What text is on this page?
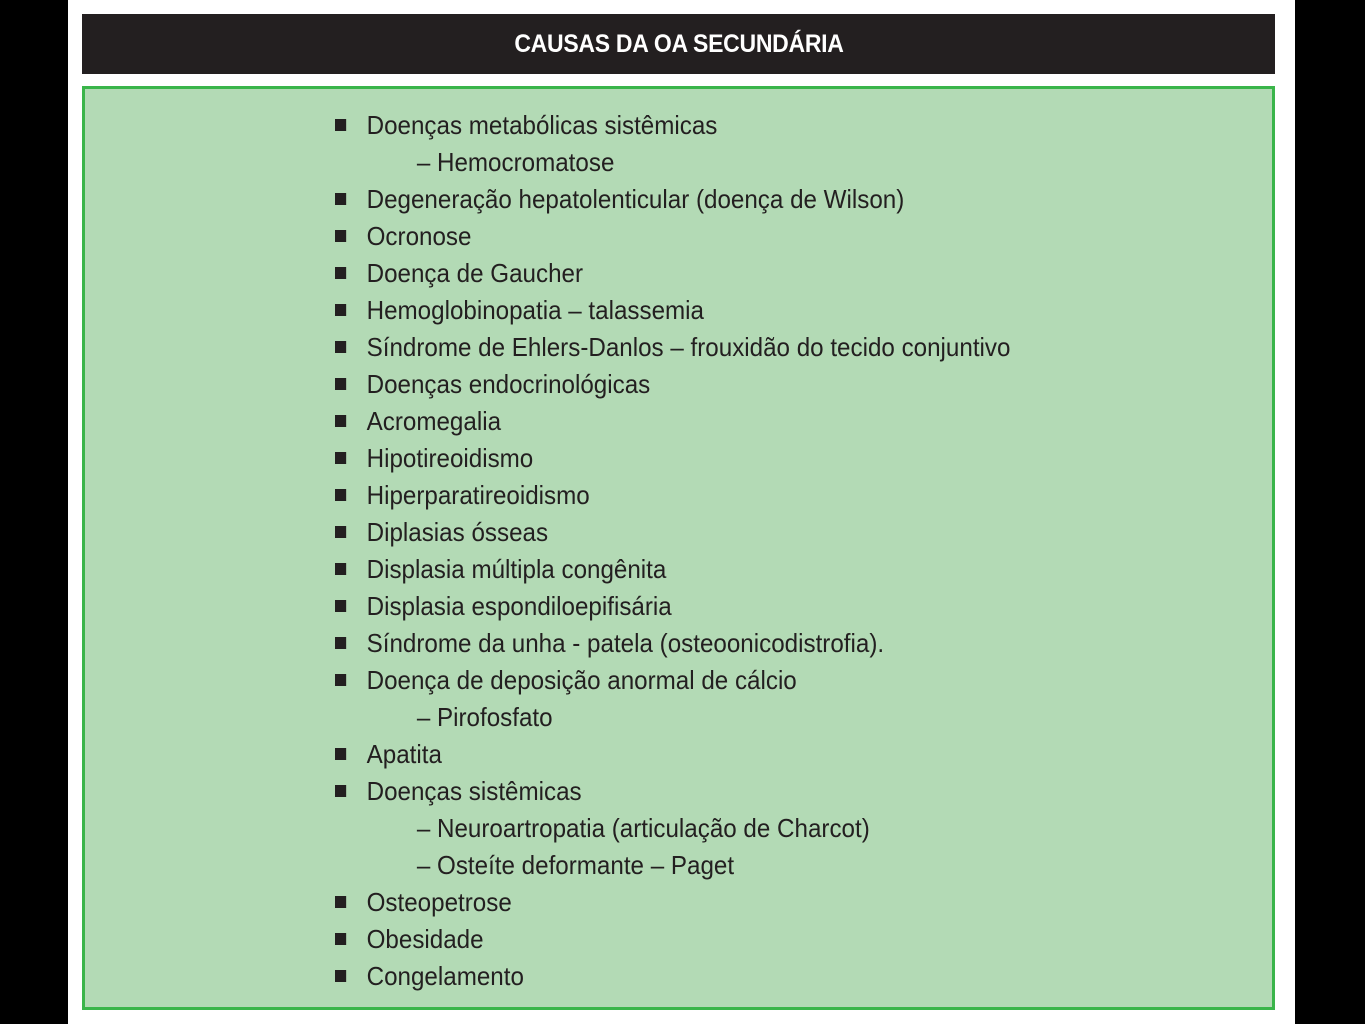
CAUSAS DA OA SECUNDÁRIA
Doenças metabólicas sistêmicas
– Hemocromatose
Degeneração hepatolenticular (doença de Wilson)
Ocronose
Doença de Gaucher
Hemoglobinopatia – talassemia
Síndrome de Ehlers-Danlos – frouxidão do tecido conjuntivo
Doenças endocrinológicas
Acromegalia
Hipotireoidismo
Hiperparatireoidismo
Diplasias ósseas
Displasia múltipla congênita
Displasia espondiloepifisária
Síndrome da unha - patela (osteoonicodistrofia).
Doença de deposição anormal de cálcio
– Pirofosfato
Apatita
Doenças sistêmicas
– Neuroartropatia (articulação de Charcot)
– Osteíte deformante – Paget
Osteopetrose
Obesidade
Congelamento
